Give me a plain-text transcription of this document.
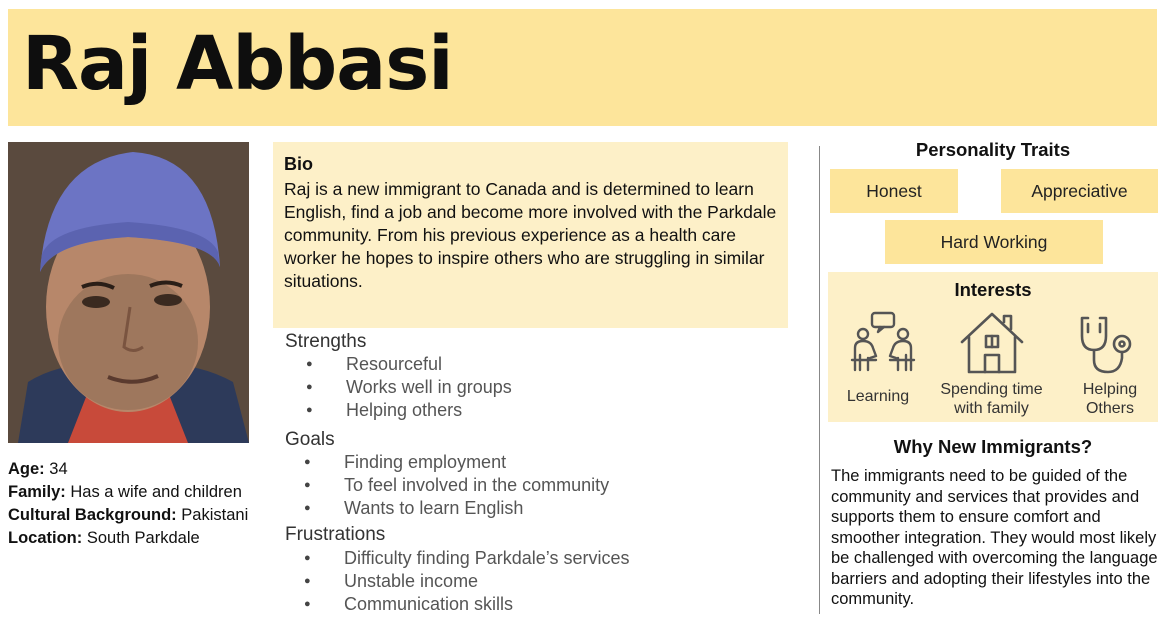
Raj Abbasi
Age: 34
Family: Has a wife and children
Cultural Background: Pakistani
Location: South Parkdale
Bio
Raj is a new immigrant to Canada and is determined to learn English, find a job and become more involved with the Parkdale community. From his previous experience as a health care worker he hopes to inspire others who are struggling in similar situations.
Strengths
● Resourceful
● Works well in groups
● Helping others
Goals
● Finding employment
● To feel involved in the community
● Wants to learn English
Frustrations
● Difficulty finding Parkdale’s services
● Unstable income
● Communication skills
Personality Traits
Honest	Appreciative
Hard Working
Interests
Learning	Spending time
with family
Helping
Others
Why New Immigrants?
The immigrants need to be guided of the community and services that provides and supports them to ensure comfort and smoother integration. They would most likely be challenged with overcoming the language barriers and adopting their lifestyles into the community.
